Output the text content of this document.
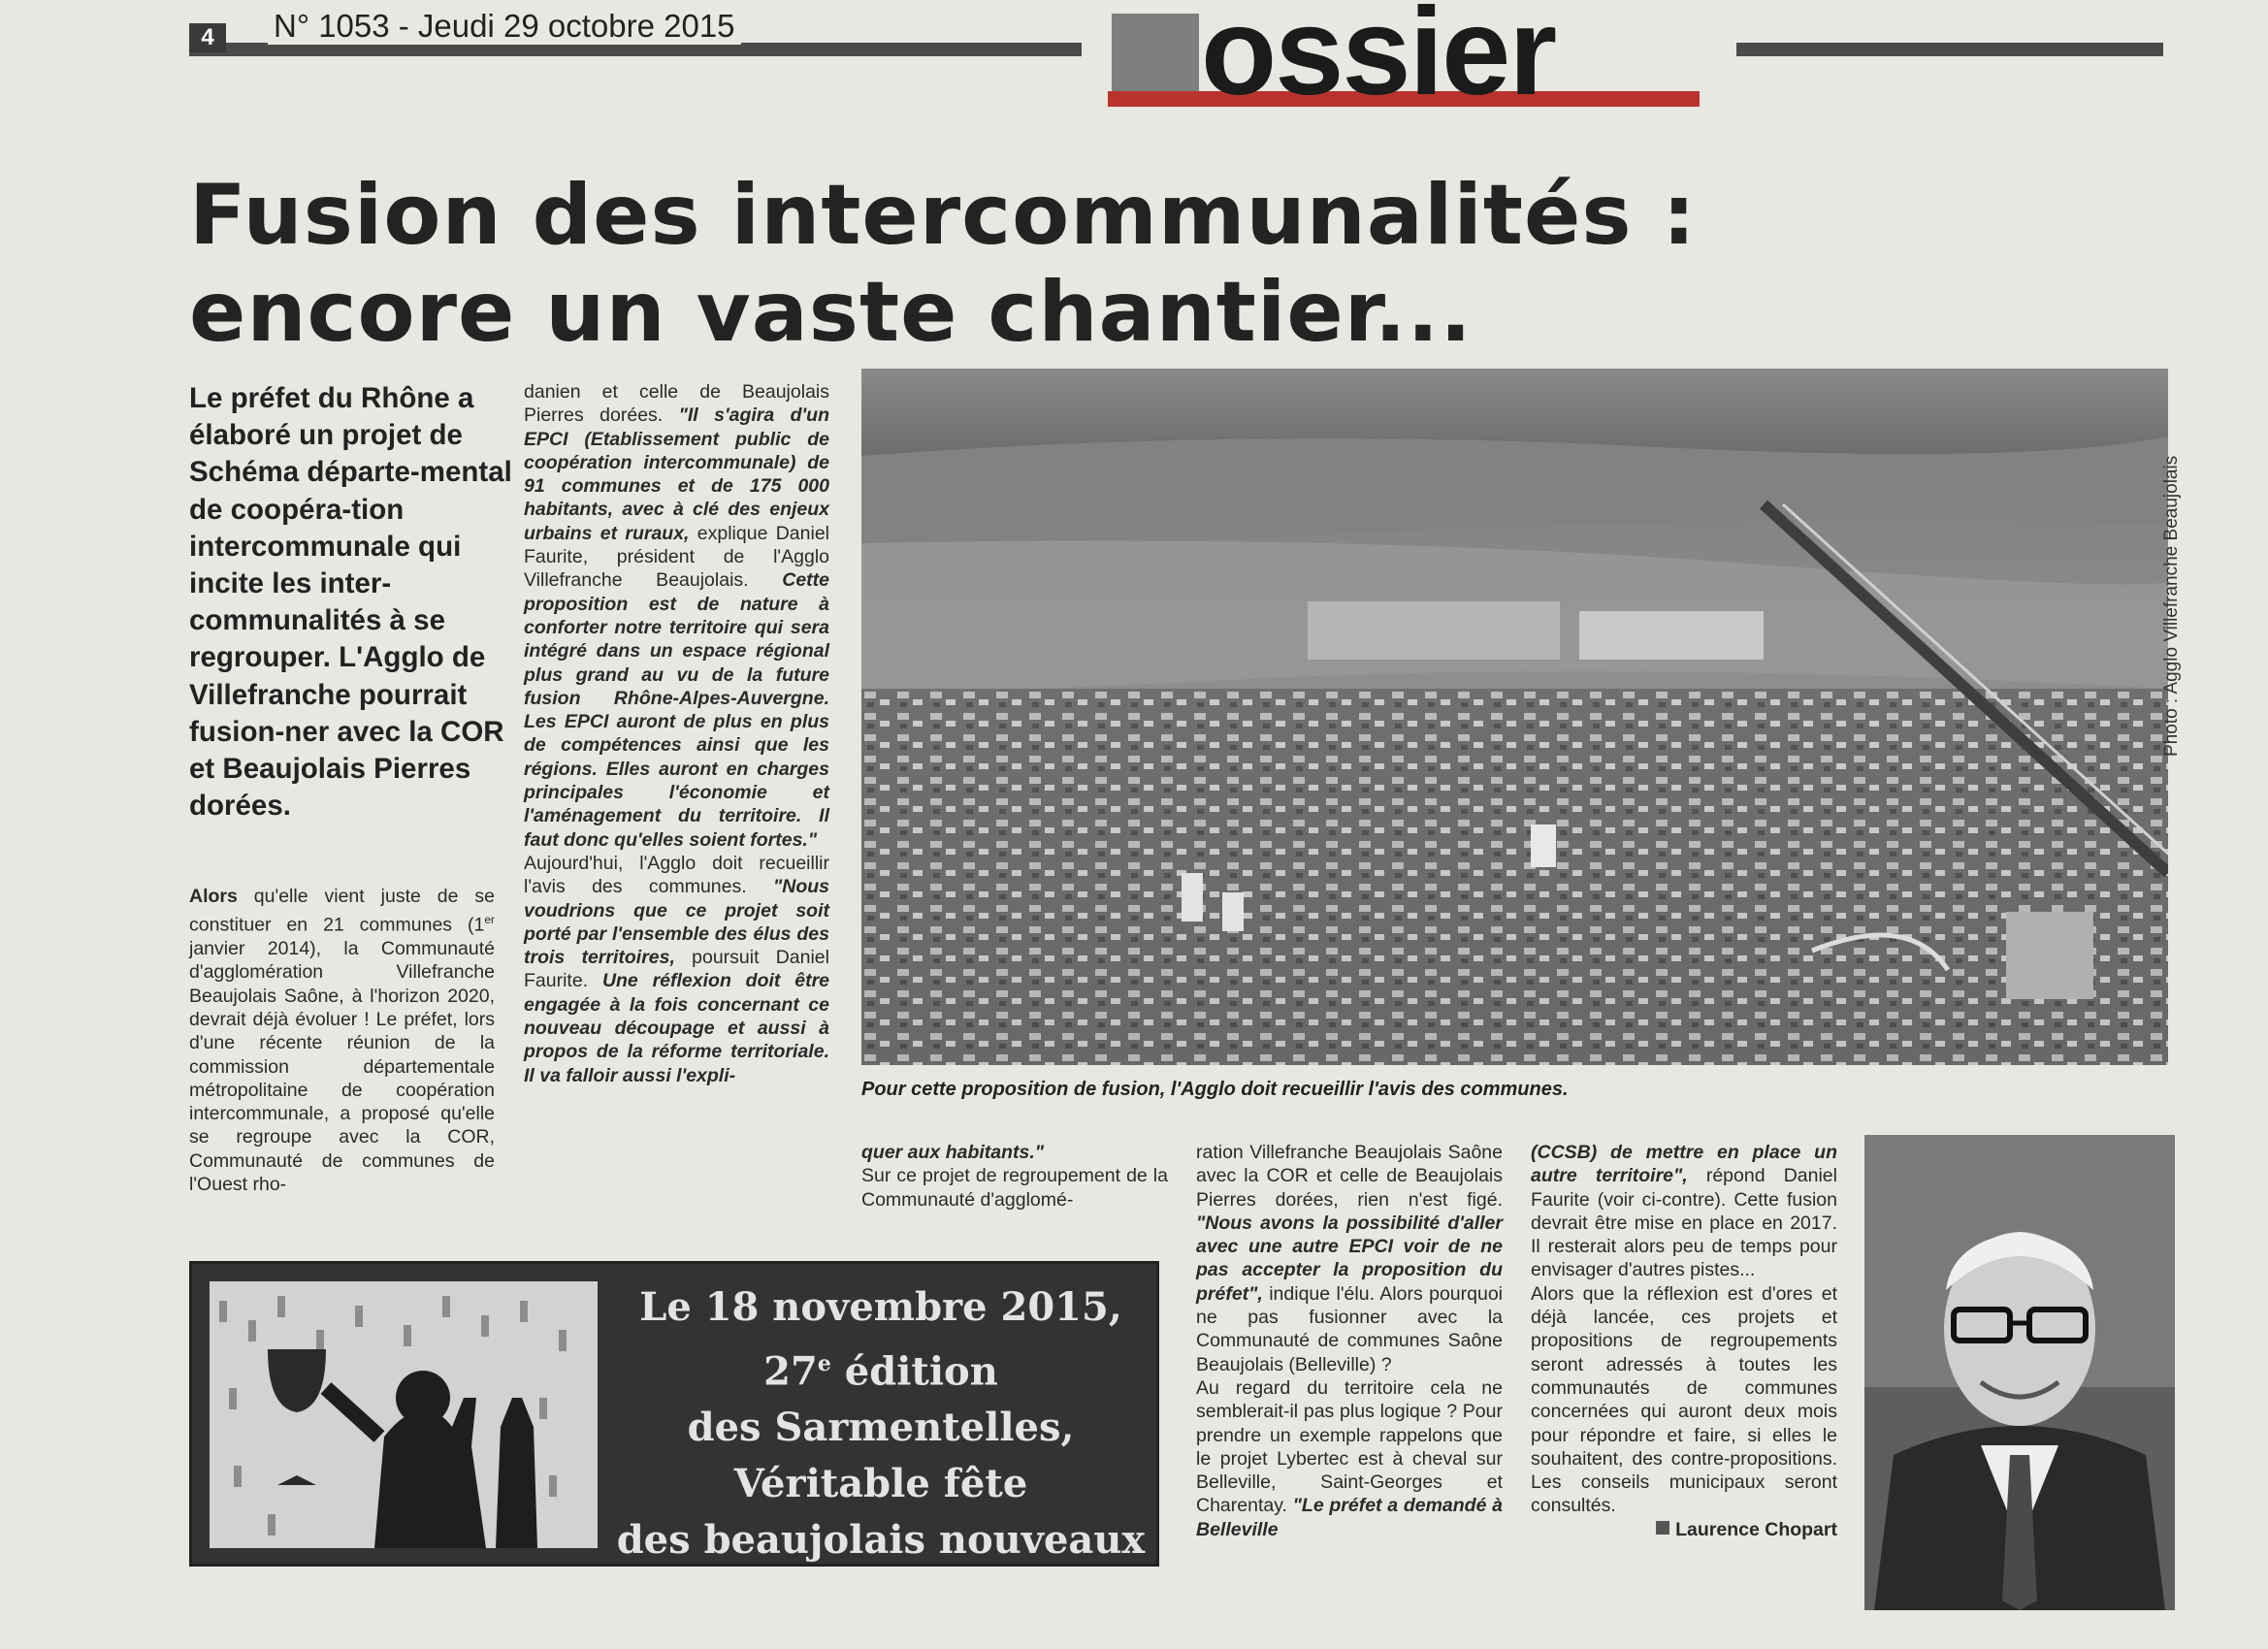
4	N° 1053 - Jeudi 29 octobre 2015	ossier
Fusion des intercommunalités :
encore un vaste chantier...
Le préfet du Rhône a élaboré un projet de Schéma départe-mental de coopéra-tion intercommunale qui incite les inter-communalités à se regrouper. L'Agglo de Villefranche pourrait fusion-ner avec la COR et Beaujolais Pierres dorées.
Alors qu'elle vient juste de se constituer en 21 communes (1er janvier 2014), la Communauté d'agglomération Villefranche Beaujolais Saône, à l'horizon 2020, devrait déjà évoluer ! Le préfet, lors d'une récente réunion de la commission départementale métropolitaine de coopération intercommunale, a proposé qu'elle se regroupe avec la COR, Communauté de communes de l'Ouest rho-
danien et celle de Beaujolais Pierres dorées. "Il s'agira d'un EPCI (Etablissement public de coopération intercommunale) de 91 communes et de 175 000 habitants, avec à clé des enjeux urbains et ruraux, explique Daniel Faurite, président de l'Agglo Villefranche Beaujolais. Cette proposition est de nature à conforter notre territoire qui sera intégré dans un espace régional plus grand au vu de la future fusion Rhône-Alpes-Auvergne. Les EPCI auront de plus en plus de compétences ainsi que les régions. Elles auront en charges principales l'économie et l'aménagement du territoire. Il faut donc qu'elles soient fortes."
Aujourd'hui, l'Agglo doit recueillir l'avis des communes. "Nous voudrions que ce projet soit porté par l'ensemble des élus des trois territoires, poursuit Daniel Faurite. Une réflexion doit être engagée à la fois concernant ce nouveau découpage et aussi à propos de la réforme territoriale. Il va falloir aussi l'expli-
Photo : Agglo Villefranche Beaujolais
Pour cette proposition de fusion, l'Agglo doit recueillir l'avis des communes.
quer aux habitants."
Sur ce projet de regroupement de la Communauté d'agglomé-
ration Villefranche Beaujolais Saône avec la COR et celle de Beaujolais Pierres dorées, rien n'est figé. "Nous avons la possibilité d'aller avec une autre EPCI voir de ne pas accepter la proposition du préfet", indique l'élu. Alors pourquoi ne pas fusionner avec la Communauté de communes Saône Beaujolais (Belleville) ?
Au regard du territoire cela ne semblerait-il pas plus logique ? Pour prendre un exemple rappelons que le projet Lybertec est à cheval sur Belleville, Saint-Georges et Charentay. "Le préfet a demandé à Belleville
(CCSB) de mettre en place un autre territoire", répond Daniel Faurite (voir ci-contre). Cette fusion devrait être mise en place en 2017. Il resterait alors peu de temps pour envisager d'autres pistes...
Alors que la réflexion est d'ores et déjà lancée, ces projets et propositions de regroupements seront adressés à toutes les communautés de communes concernées qui auront deux mois pour répondre et faire, si elles le souhaitent, des contre-propositions. Les conseils municipaux seront consultés.

Laurence Chopart
Le 18 novembre 2015,
27e édition
des Sarmentelles,
Véritable fête
des beaujolais nouveaux
